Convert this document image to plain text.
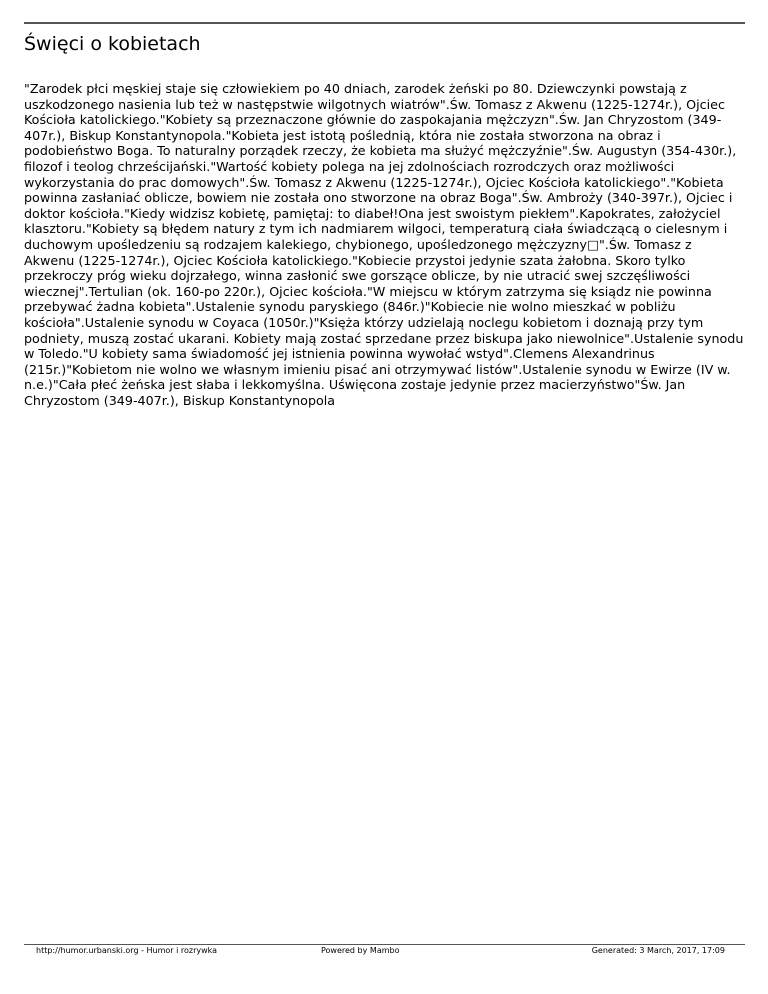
Święci o kobietach

"Zarodek płci męskiej staje się człowiekiem po 40 dniach, zarodek żeński po 80. Dziewczynki powstają z uszkodzonego nasienia lub też w następstwie wilgotnych wiatrów".Św. Tomasz z Akwenu (1225-1274r.), Ojciec Kościoła katolickiego."Kobiety są przeznaczone głównie do zaspokajania mężczyzn".Św. Jan Chryzostom (349-407r.), Biskup Konstantynopola."Kobieta jest istotą poślednią, która nie została stworzona na obraz i podobieństwo Boga. To naturalny porządek rzeczy, że kobieta ma służyć mężczyźnie".Św. Augustyn (354-430r.), filozof i teolog chrześcijański."Wartość kobiety polega na jej zdolnościach rozrodczych oraz możliwości wykorzystania do prac domowych".Św. Tomasz z Akwenu (1225-1274r.), Ojciec Kościoła katolickiego"."Kobieta powinna zasłaniać oblicze, bowiem nie została ono stworzone na obraz Boga".Św. Ambroży (340-397r.), Ojciec i doktor kościoła."Kiedy widzisz kobietę, pamiętaj: to diabeł!Ona jest swoistym piekłem".Kapokrates, założyciel klasztoru."Kobiety są błędem natury z tym ich nadmiarem wilgoci, temperaturą ciała świadczącą o cielesnym i duchowym upośledzeniu są rodzajem kalekiego, chybionego, upośledzonego mężczyzny□".Św. Tomasz z Akwenu (1225-1274r.), Ojciec Kościoła katolickiego."Kobiecie przystoi jedynie szata żałobna. Skoro tylko przekroczy próg wieku dojrzałego, winna zasłonić swe gorszące oblicze, by nie utracić swej szczęśliwości wiecznej".Tertulian (ok. 160-po 220r.), Ojciec kościoła."W miejscu w którym zatrzyma się ksiądz nie powinna przebywać żadna kobieta".Ustalenie synodu paryskiego (846r.)"Kobiecie nie wolno mieszkać w pobliżu kościoła".Ustalenie synodu w Coyaca (1050r.)"Księża którzy udzielają noclegu kobietom i doznają przy tym podniety, muszą zostać ukarani. Kobiety mają zostać sprzedane przez biskupa jako niewolnice".Ustalenie synodu w Toledo."U kobiety sama świadomość jej istnienia powinna wywołać wstyd".Clemens Alexandrinus (215r.)"Kobietom nie wolno we własnym imieniu pisać ani otrzymywać listów".Ustalenie synodu w Ewirze (IV w. n.e.)"Cała płeć żeńska jest słaba i lekkomyślna. Uświęcona zostaje jedynie przez macierzyństwo"Św. Jan Chryzostom (349-407r.), Biskup Konstantynopola

http://humor.urbanski.org - Humor i rozrywka	Powered by Mambo	Generated: 3 March, 2017, 17:09
